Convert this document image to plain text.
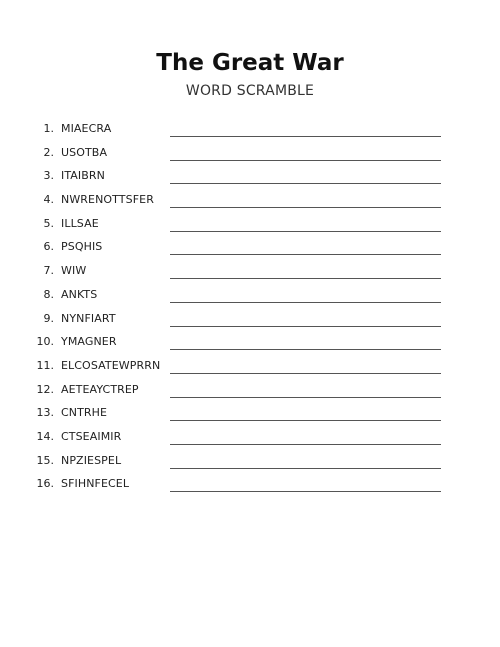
The Great War
WORD SCRAMBLE
1. MIAECRA
2. USOTBA
3. ITAIBRN
4. NWRENOTTSFER
5. ILLSAE
6. PSQHIS
7. WIW
8. ANKTS
9. NYNFIART
10. YMAGNER
11. ELCOSATEWPRRN
12. AETEAYCTREP
13. CNTRHE
14. CTSEAIMIR
15. NPZIESPEL
16. SFIHNFECEL
